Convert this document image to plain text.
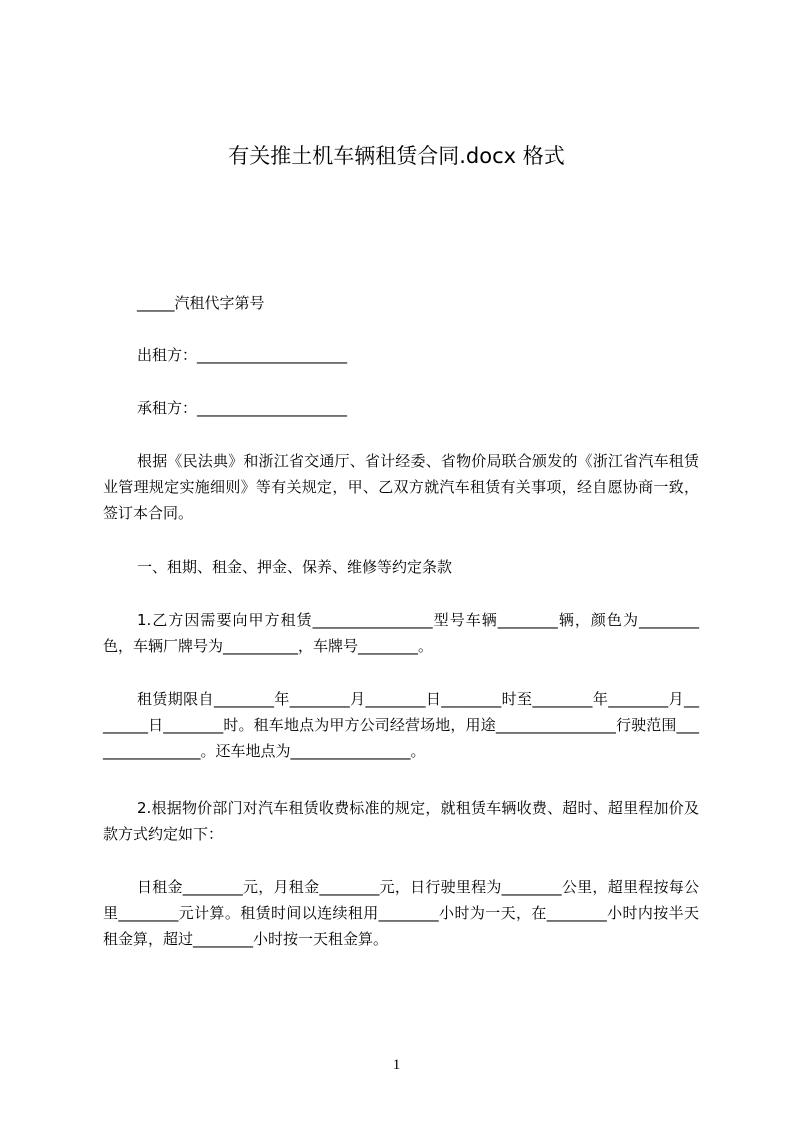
有关推土机车辆租赁合同.docx 格式

_____汽租代字第号

出租方：____________________

承租方：____________________

根据《民法典》和浙江省交通厅、省计经委、省物价局联合颁发的《浙江省汽车租赁业管理规定实施细则》等有关规定，甲、乙双方就汽车租赁有关事项，经自愿协商一致，签订本合同。

一、租期、租金、押金、保养、维修等约定条款

1.乙方因需要向甲方租赁________________型号车辆________辆，颜色为________色，车辆厂牌号为__________，车牌号________。

租赁期限自________年________月________日________时至________年________月________日________时。租车地点为甲方公司经营场地，用途________________行驶范围________________。还车地点为________________。

2.根据物价部门对汽车租赁收费标准的规定，就租赁车辆收费、超时、超里程加价及款方式约定如下：

日租金________元，月租金________元，日行驶里程为________公里，超里程按每公里________元计算。租赁时间以连续租用________小时为一天，在________小时内按半天租金算，超过________小时按一天租金算。

1
